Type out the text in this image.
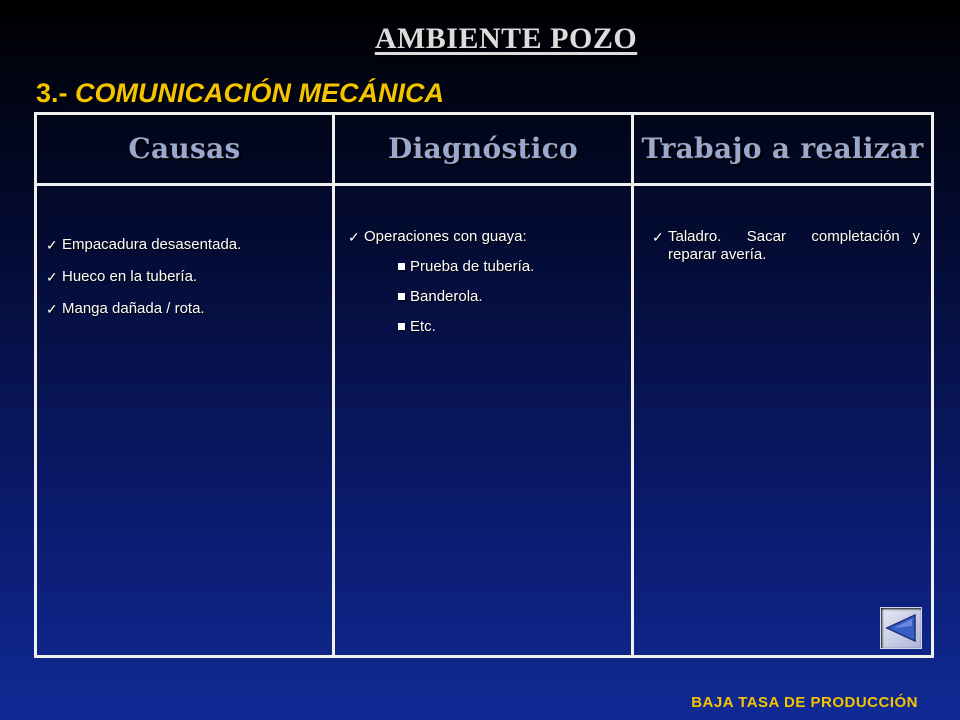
AMBIENTE POZO
3.- COMUNICACIÓN MECÁNICA
Causas	Diagnóstico	Trabajo a realizar
✓ Empacadura desasentada.
✓ Hueco en la tubería.
✓ Manga dañada / rota.
✓ Operaciones con guaya:
Prueba de tubería.
Banderola.
Etc.
✓ Taladro.  Sacar  completación y reparar avería.
BAJA TASA DE PRODUCCIÓN
